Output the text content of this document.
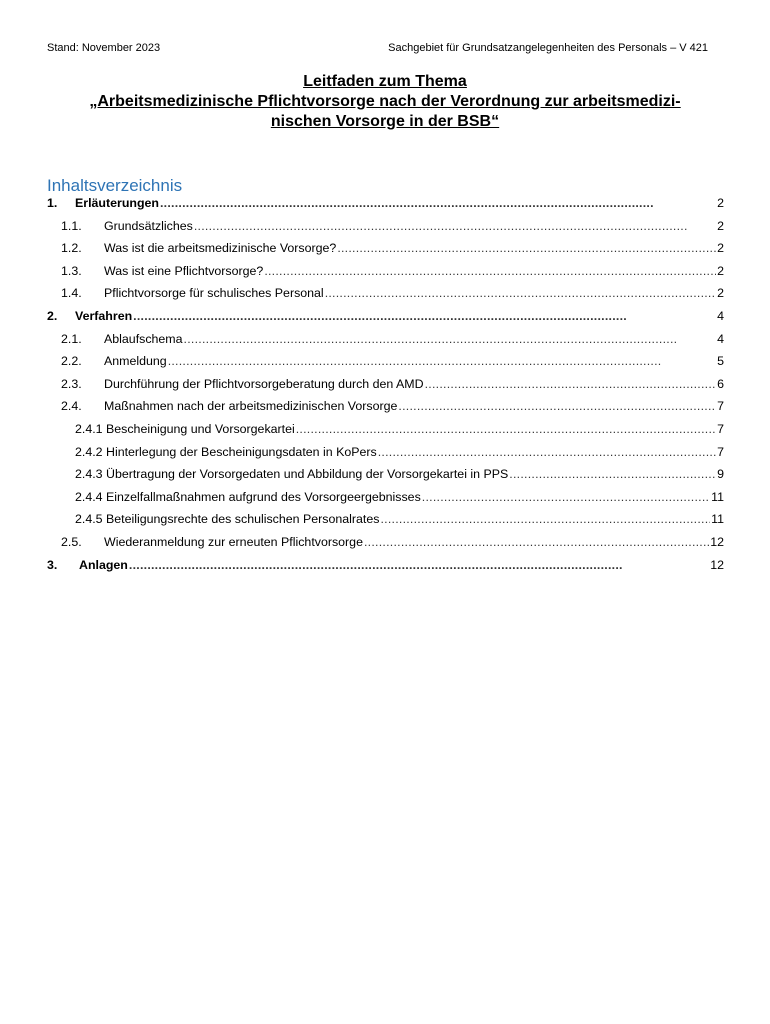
Stand: November 2023	Sachgebiet für Grundsatzangelegenheiten des Personals – V 421
Leitfaden zum Thema
„Arbeitsmedizinische Pflichtvorsorge nach der Verordnung zur arbeitsmedizi-
nischen Vorsorge in der BSB“
Inhaltsverzeichnis
1.	Erläuterungen . . .	2
1.1.	Grundsätzliches . . .	2
1.2.	Was ist die arbeitsmedizinische Vorsorge? . . .	2
1.3.	Was ist eine Pflichtvorsorge? . . .	2
1.4.	Pflichtvorsorge für schulisches Personal . . .	2
2.	Verfahren . . .	4
2.1.	Ablaufschema . . .	4
2.2.	Anmeldung . . .	5
2.3.	Durchführung der Pflichtvorsorgeberatung durch den AMD . . .	6
2.4.	Maßnahmen nach der arbeitsmedizinischen Vorsorge . . .	7
2.4.1 Bescheinigung und Vorsorgekartei . . .	7
2.4.2 Hinterlegung der Bescheinigungsdaten in KoPers . . .	7
2.4.3 Übertragung der Vorsorgedaten und Abbildung der Vorsorgekartei in PPS . . .	9
2.4.4 Einzelfallmaßnahmen aufgrund des Vorsorgeergebnisses . . .	11
2.4.5 Beteiligungsrechte des schulischen Personalrates . . .	11
2.5.	Wiederanmeldung zur erneuten Pflichtvorsorge . . .	12
3.	Anlagen . . .	12
